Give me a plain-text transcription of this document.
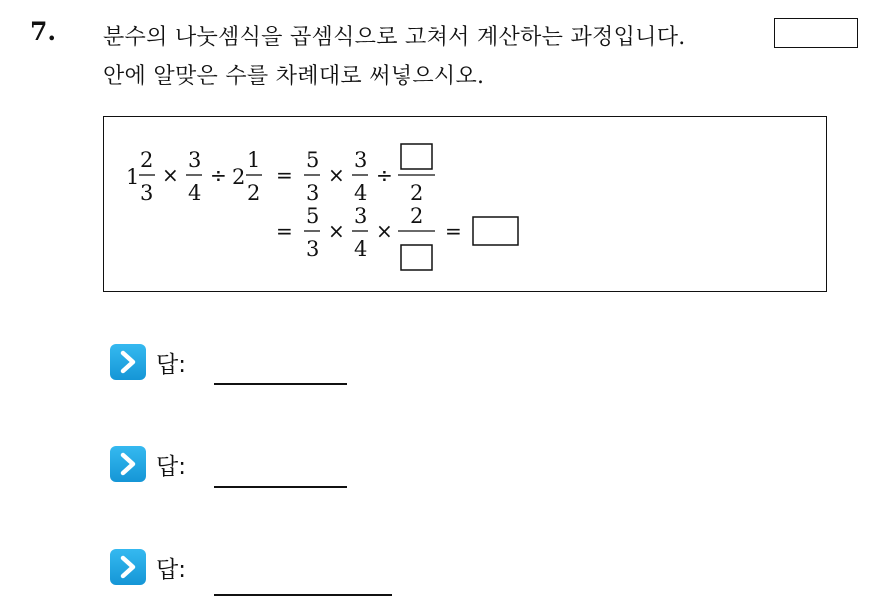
7. 분수의 나눗셈식을 곱셈식으로 고쳐서 계산하는 과정입니다.
안에 알맞은 수를 차례대로 써넣으시오.
1
2
3
×
3
4
÷ 2
1
2
=
5
3
×
3
4
÷
2
=
5
3
×
3
4
×
2
=
답:
답:
답:
